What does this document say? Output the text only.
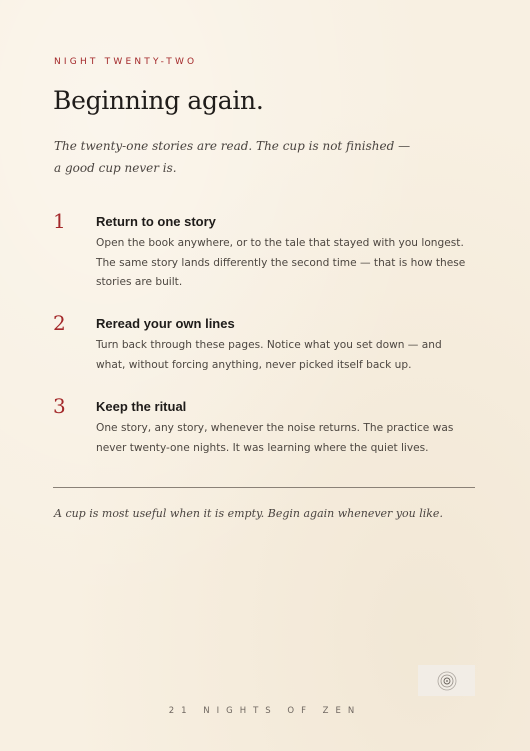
NIGHT TWENTY-TWO
Beginning again.

The twenty-one stories are read. The cup is not finished — a good cup never is.

1 Return to one story

Open the book anywhere, or to the tale that stayed with you longest. The same story lands differently the second time — that is how these stories are built.

2 Reread your own lines

Turn back through these pages. Notice what you set down — and what, without forcing anything, never picked itself back up.

3 Keep the ritual

One story, any story, whenever the noise returns. The practice was never twenty-one nights. It was learning where the quiet lives.

A cup is most useful when it is empty. Begin again whenever you like.

21 NIGHTS OF ZEN
